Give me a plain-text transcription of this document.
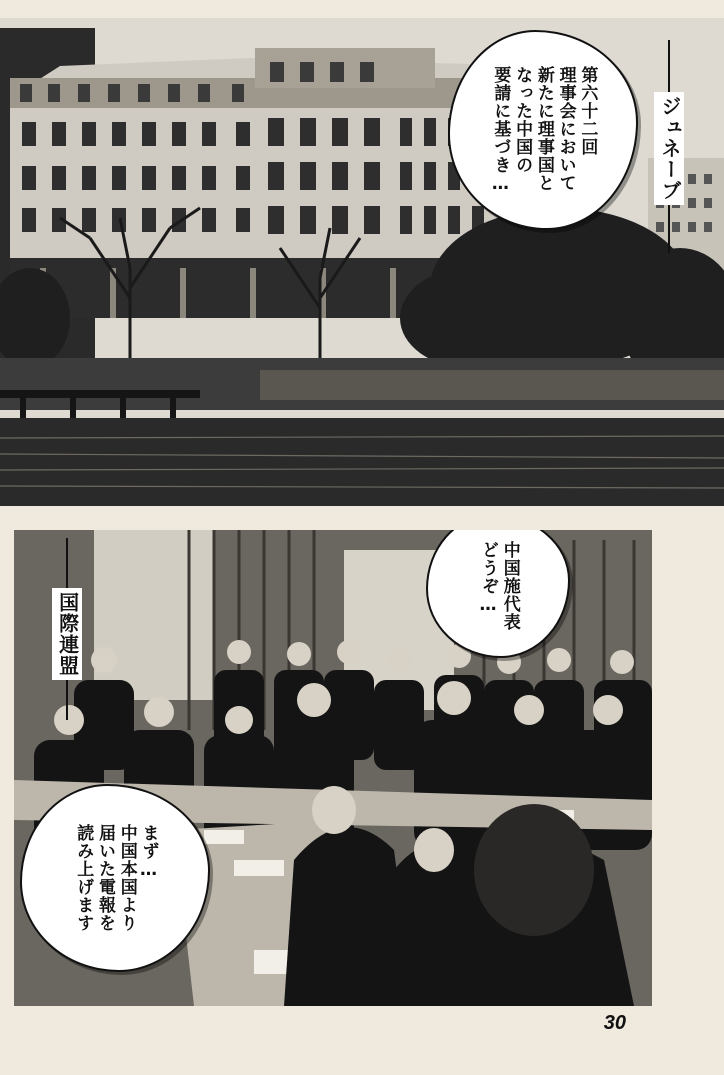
ジュネーブ
第六十二回
理事会において
新たに理事国と
なった中国の
要請に基づき…
国際連盟
中国施代表
どうぞ…
まず…
中国本国より
届いた電報を
読み上げます
30
